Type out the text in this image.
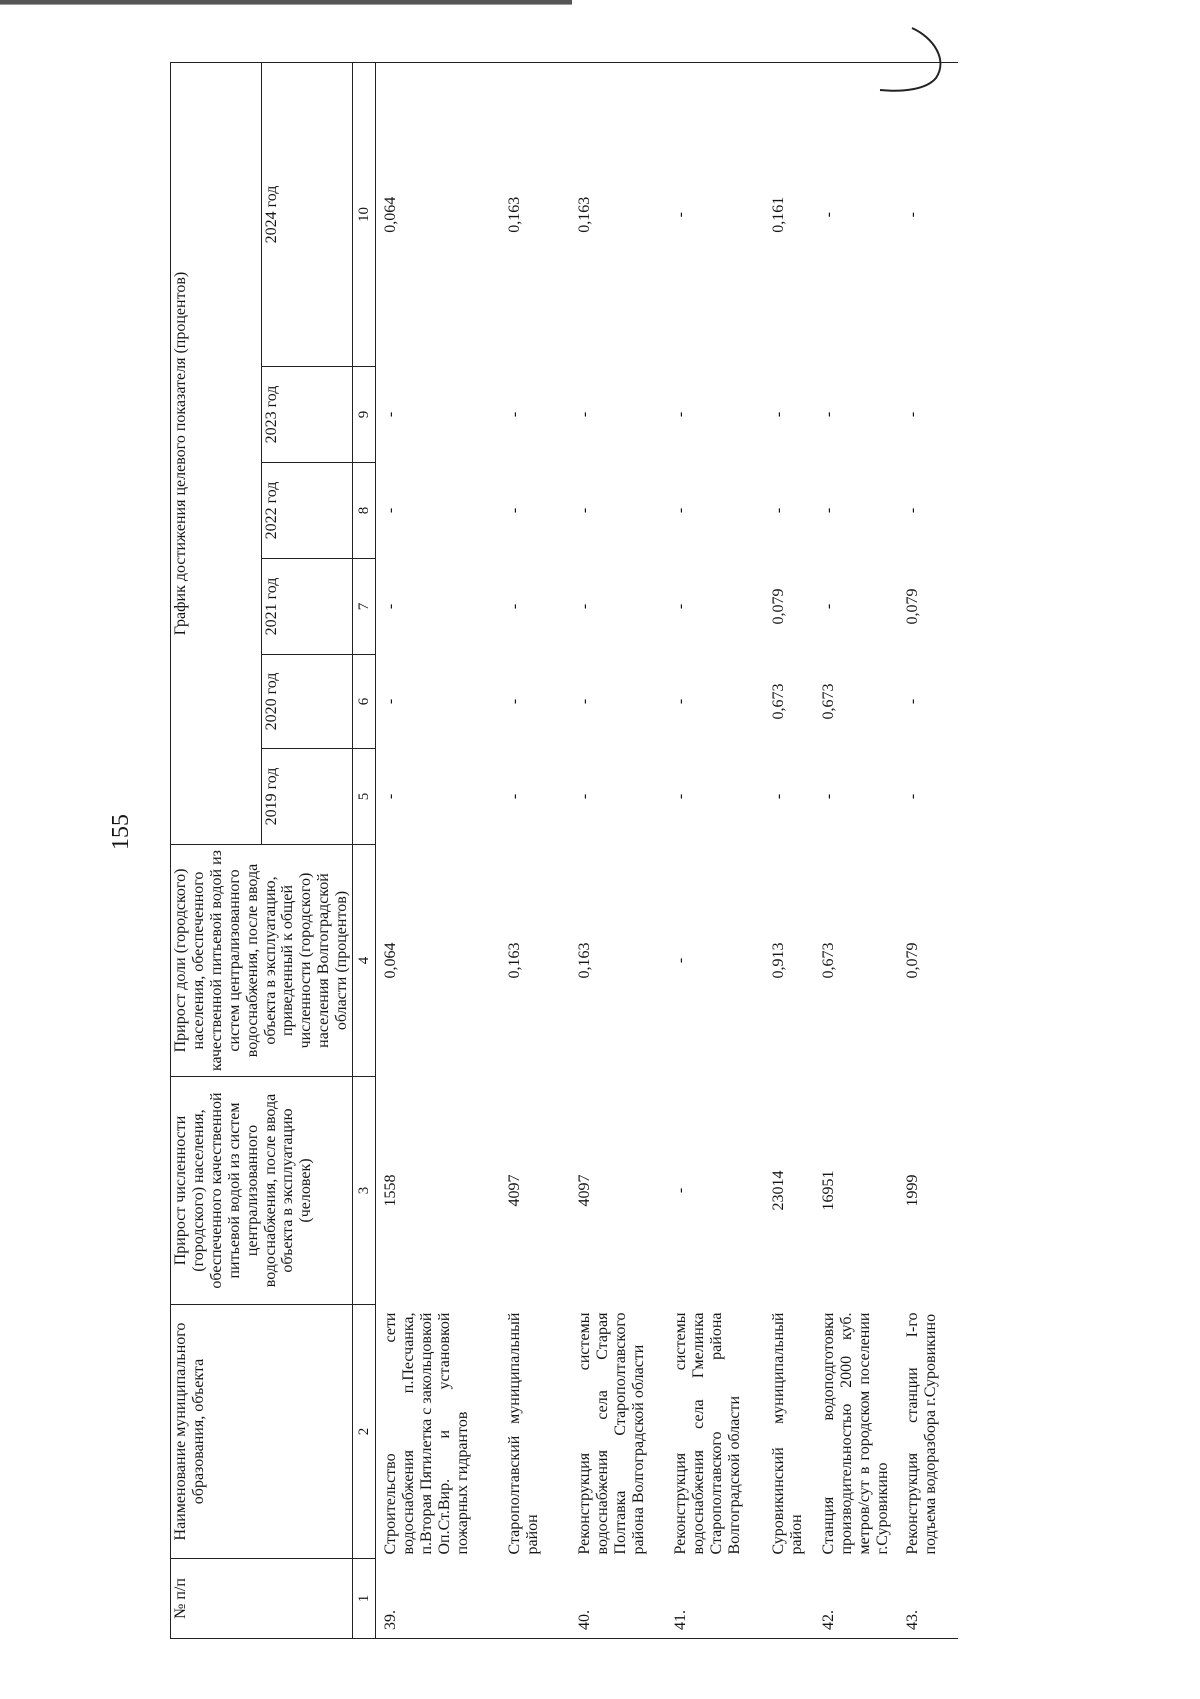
155
№ п/п	Наименование муниципального образования, объекта	Прирост численности (городского) населения, обеспеченного качественной питьевой водой из систем централизованного водоснабжения, после ввода объекта в эксплуатацию (человек)	Прирост доли (городского) населения, обеспеченного качественной питьевой водой из систем централизованного водоснабжения, после ввода объекта в эксплуатацию, приведенный к общей численности (городского) населения Волгоградской области (процентов)	График достижения целевого показателя (процентов)					
				2019 год	2020 год	2021 год	2022 год	2023 год	2024 год
1	2	3	4	5	6	7	8	9	10
39.	Строительство сети водоснабжения п.Песчанка, п.Вторая Пятилетка с закольцовкой Оп.Ст.Вир. и установкой пожарных гидрантов	1558	0,064	-	-	-	-	-	0,064
	Старополтавский муниципальный район	4097	0,163	-	-	-	-	-	0,163
40.	Реконструкция системы водоснабжения села Старая Полтавка Старополтавского района Волгоградской области	4097	0,163	-	-	-	-	-	0,163
41.	Реконструкция системы водоснабжения села Гмелинка Старополтавского района Волгоградской области	-	-	-	-	-	-	-	-
	Суровикинский муниципальный район	23014	0,913	-	0,673	0,079	-	-	0,161
42.	Станция водоподготовки производительностью 2000 куб. метров/сут в городском поселении г.Суровикино	16951	0,673	-	0,673	-	-	-	-
43.	Реконструкция станции I-го подъема водоразбора г.Суровикино	1999	0,079	-	-	0,079	-	-	-
